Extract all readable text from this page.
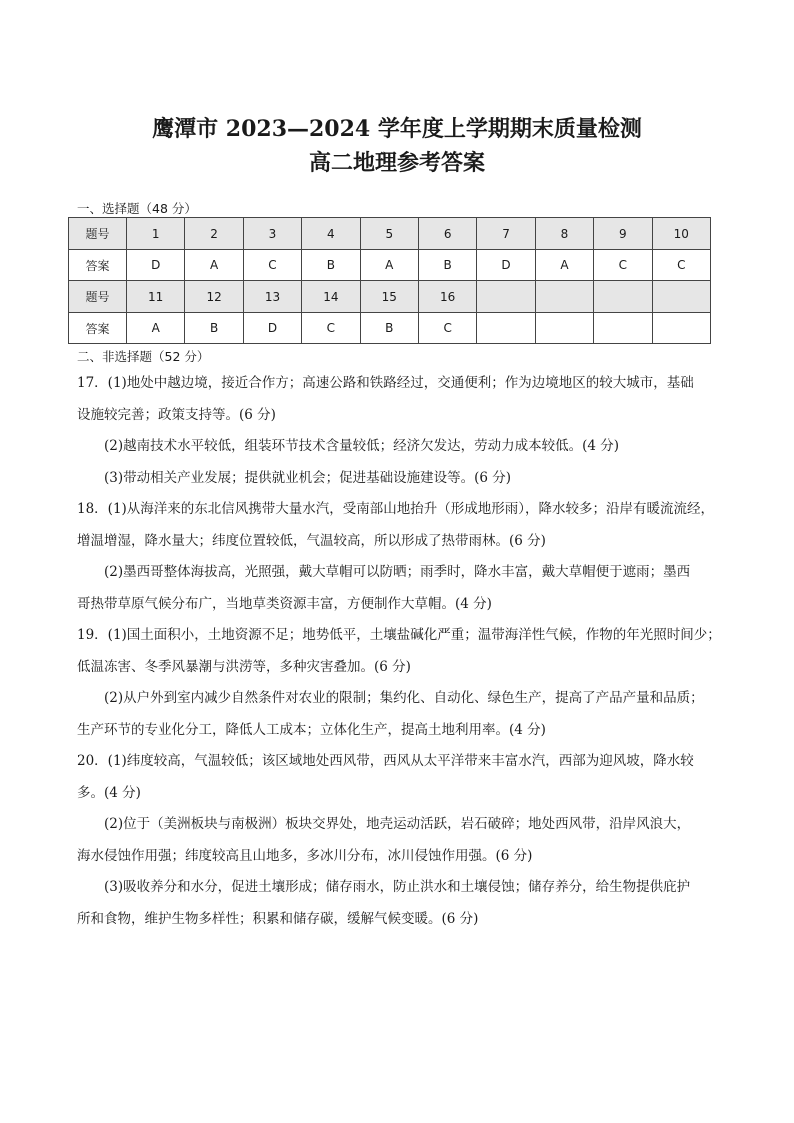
鹰潭市 2023—2024 学年度上学期期末质量检测
高二地理参考答案
一、选择题（48 分）
题号	1	2	3	4	5	6	7	8	9	10
答案	D	A	C	B	A	B	D	A	C	C
题号	11	12	13	14	15	16				
答案	A	B	D	C	B	C				
二、非选择题（52 分）
17．(1)地处中越边境，接近合作方；高速公路和铁路经过，交通便利；作为边境地区的较大城市，基础
设施较完善；政策支持等。(6 分)
(2)越南技术水平较低，组装环节技术含量较低；经济欠发达，劳动力成本较低。(4 分)
(3)带动相关产业发展；提供就业机会；促进基础设施建设等。(6 分)
18．(1)从海洋来的东北信风携带大量水汽，受南部山地抬升（形成地形雨），降水较多；沿岸有暖流流经，
增温增湿，降水量大；纬度位置较低，气温较高，所以形成了热带雨林。(6 分)
(2)墨西哥整体海拔高，光照强，戴大草帽可以防晒；雨季时，降水丰富，戴大草帽便于遮雨；墨西
哥热带草原气候分布广，当地草类资源丰富，方便制作大草帽。(4 分)
19．(1)国土面积小，土地资源不足；地势低平，土壤盐碱化严重；温带海洋性气候，作物的年光照时间少；
低温冻害、冬季风暴潮与洪涝等，多种灾害叠加。(6 分)
(2)从户外到室内减少自然条件对农业的限制；集约化、自动化、绿色生产，提高了产品产量和品质；
生产环节的专业化分工，降低人工成本；立体化生产，提高土地利用率。(4 分)
20．(1)纬度较高，气温较低；该区域地处西风带，西风从太平洋带来丰富水汽，西部为迎风坡，降水较
多。(4 分)
(2)位于（美洲板块与南极洲）板块交界处，地壳运动活跃，岩石破碎；地处西风带，沿岸风浪大，
海水侵蚀作用强；纬度较高且山地多，多冰川分布，冰川侵蚀作用强。(6 分)
(3)吸收养分和水分，促进土壤形成；储存雨水，防止洪水和土壤侵蚀；储存养分，给生物提供庇护
所和食物，维护生物多样性；积累和储存碳，缓解气候变暖。(6 分)
